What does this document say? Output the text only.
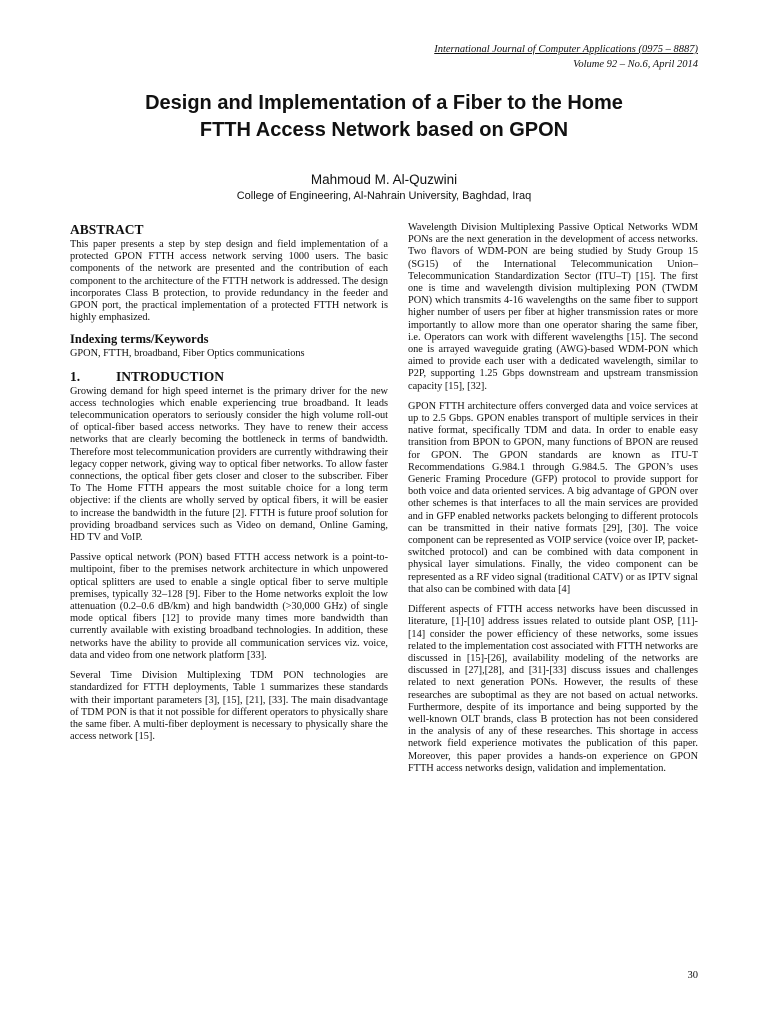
International Journal of Computer Applications (0975 – 8887)
Volume 92 – No.6, April 2014
Design and Implementation of a Fiber to the Home
FTTH Access Network based on GPON
Mahmoud M. Al-Quzwini
College of Engineering, Al-Nahrain University, Baghdad, Iraq
ABSTRACT

This paper presents a step by step design and field implementation of a protected GPON FTTH access network serving 1000 users. The basic components of the network are presented and the contribution of each component to the architecture of the FTTH network is addressed. The design incorporates Class B protection, to provide redundancy in the feeder and GPON port, the practical implementation of a protected FTTH network is highly emphasized.

Indexing terms/Keywords

GPON, FTTH, broadband, Fiber Optics communications

1.	INTRODUCTION

Growing demand for high speed internet is the primary driver for the new access technologies which enable experiencing true broadband. It leads telecommunication operators to seriously consider the high volume roll-out of optical-fiber based access networks. They have to renew their access networks that are clearly becoming the bottleneck in terms of bandwidth. Therefore most telecommunication providers are currently withdrawing their legacy copper network, giving way to optical fiber networks. To allow faster connections, the optical fiber gets closer and closer to the subscriber. Fiber To The Home FTTH appears the most suitable choice for a long term objective: if the clients are wholly served by optical fibers, it will be easier to increase the bandwidth in the future [2]. FTTH is future proof solution for providing broadband services such as Video on demand, Online Gaming, HD TV and VoIP.

Passive optical network (PON) based FTTH access network is a point-to-multipoint, fiber to the premises network architecture in which unpowered optical splitters are used to enable a single optical fiber to serve multiple premises, typically 32–128 [9]. Fiber to the Home networks exploit the low attenuation (0.2–0.6 dB/km) and high bandwidth (>30,000 GHz) of single mode optical fibers [12] to provide many times more bandwidth than currently available with existing broadband technologies. In addition, these networks have the ability to provide all communication services viz. voice, data and video from one network platform [33].

Several Time Division Multiplexing TDM PON technologies are standardized for FTTH deployments, Table 1 summarizes these standards with their important parameters [3], [15], [21], [33]. The main disadvantage of TDM PON is that it not possible for different operators to physically share the same fiber. A multi-fiber deployment is necessary to physically share the access network [15].

Wavelength Division Multiplexing Passive Optical Networks WDM PONs are the next generation in the development of access networks. Two flavors of WDM-PON are being studied by Study Group 15 (SG15) of the International Telecommunication Union–Telecommunication Standardization Sector (ITU–T) [15]. The first one is time and wavelength division multiplexing PON (TWDM PON) which transmits 4-16 wavelengths on the same fiber to support higher number of users per fiber at higher transmission rates or more importantly to allow more than one operator sharing the same fiber, i.e. Operators can work with different wavelengths [15]. The second one is arrayed waveguide grating (AWG)-based WDM-PON which aimed to provide each user with a dedicated wavelength, similar to P2P, supporting 1.25 Gbps downstream and upstream transmission capacity [15], [32].

GPON FTTH architecture offers converged data and voice services at up to 2.5 Gbps. GPON enables transport of multiple services in their native format, specifically TDM and data. In order to enable easy transition from BPON to GPON, many functions of BPON are reused for GPON. The GPON standards are known as ITU-T Recommendations G.984.1 through G.984.5. The GPON’s uses Generic Framing Procedure (GFP) protocol to provide support for both voice and data oriented services. A big advantage of GPON over other schemes is that interfaces to all the main services are provided and in GFP enabled networks packets belonging to different protocols can be transmitted in their native formats [29], [30]. The voice component can be represented as VOIP service (voice over IP, packet-switched protocol) and can be combined with data component in physical layer simulations. Finally, the video component can be represented as a RF video signal (traditional CATV) or as IPTV signal that also can be combined with data [4]

Different aspects of FTTH access networks have been discussed in literature, [1]-[10] address issues related to outside plant OSP, [11]-[14] consider the power efficiency of these networks, some issues related to the implementation cost associated with FTTH networks are discussed in [15]-[26], availability modeling of the networks are discussed in [27],[28], and [31]-[33] discuss issues and challenges related to next generation PONs. However, the results of these researches are suboptimal as they are not based on actual networks. Furthermore, despite of its importance and being supported by the well-known OLT brands, class B protection has not been considered in the analysis of any of these researches. This shortage in access network field experience motivates the publication of this paper. Moreover, this paper provides a hands-on experience on GPON FTTH access networks design, validation and implementation.

30
